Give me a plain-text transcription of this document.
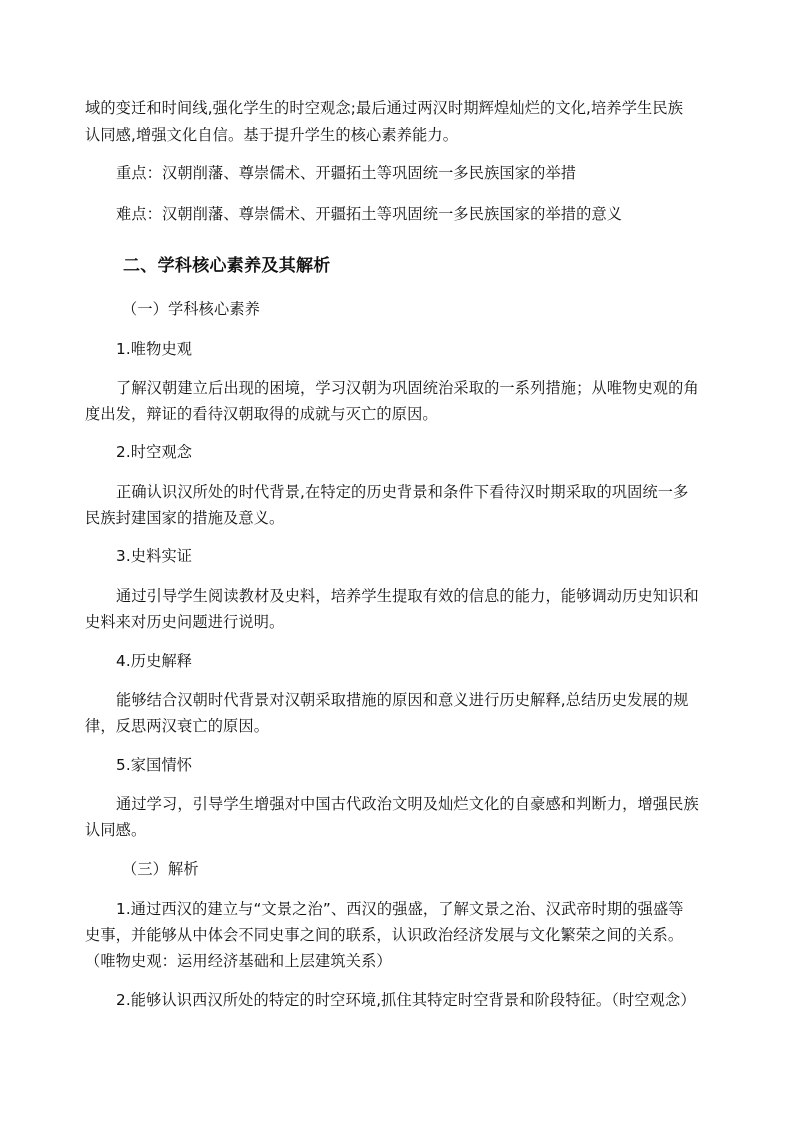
域的变迁和时间线,强化学生的时空观念;最后通过两汉时期辉煌灿烂的文化,培养学生民族
认同感,增强文化自信。基于提升学生的核心素养能力。
重点：汉朝削藩、尊崇儒术、开疆拓土等巩固统一多民族国家的举措
难点：汉朝削藩、尊崇儒术、开疆拓土等巩固统一多民族国家的举措的意义
二、学科核心素养及其解析
（一）学科核心素养
1.唯物史观
了解汉朝建立后出现的困境，学习汉朝为巩固统治采取的一系列措施；从唯物史观的角
度出发，辩证的看待汉朝取得的成就与灭亡的原因。
2.时空观念
正确认识汉所处的时代背景,在特定的历史背景和条件下看待汉时期采取的巩固统一多
民族封建国家的措施及意义。
3.史料实证
通过引导学生阅读教材及史料，培养学生提取有效的信息的能力，能够调动历史知识和
史料来对历史问题进行说明。
4.历史解释
能够结合汉朝时代背景对汉朝采取措施的原因和意义进行历史解释,总结历史发展的规
律，反思两汉衰亡的原因。
5.家国情怀
通过学习，引导学生增强对中国古代政治文明及灿烂文化的自豪感和判断力，增强民族
认同感。
（三）解析
1.通过西汉的建立与“文景之治”、西汉的强盛，了解文景之治、汉武帝时期的强盛等
史事，并能够从中体会不同史事之间的联系，认识政治经济发展与文化繁荣之间的关系。
（唯物史观：运用经济基础和上层建筑关系）
2.能够认识西汉所处的特定的时空环境,抓住其特定时空背景和阶段特征。（时空观念）
